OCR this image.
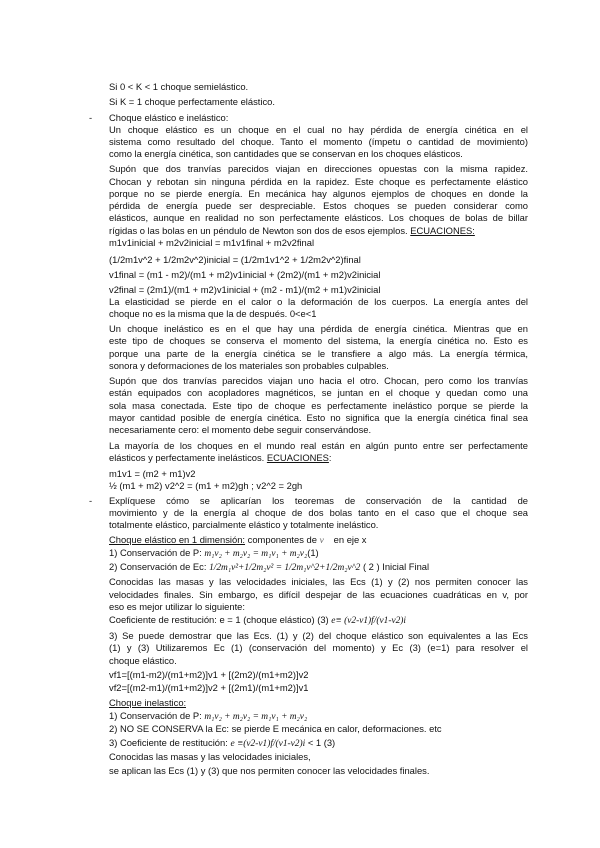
Si 0 < K < 1 choque semielástico.
Si K = 1 choque perfectamente elástico.
- Choque elástico e inelástico:
Un choque elástico es un choque en el cual no hay pérdida de energía cinética en el
sistema como resultado del choque. Tanto el momento (ímpetu o cantidad de movimiento)
como la energía cinética, son cantidades que se conservan en los choques elásticos.
Supón que dos tranvías parecidos viajan en direcciones opuestas con la misma rapidez.
Chocan y rebotan sin ninguna pérdida en la rapidez. Este choque es perfectamente elástico
porque no se pierde energía. En mecánica hay algunos ejemplos de choques en donde la
pérdida de energía puede ser despreciable. Estos choques se pueden considerar como
elásticos, aunque en realidad no son perfectamente elásticos. Los choques de bolas de billar
rígidas o las bolas en un péndulo de Newton son dos de esos ejemplos. ECUACIONES:
m1v1inicial + m2v2inicial = m1v1final + m2v2final
(1/2m1v^2 + 1/2m2v^2)inicial = (1/2m1v1^2 + 1/2m2v^2)final
v1final = (m1 - m2)/(m1 + m2)v1inicial + (2m2)/(m1 + m2)v2inicial
v2final = (2m1)/(m1 + m2)v1inicial + (m2 - m1)/(m2 + m1)v2inicial
La elasticidad se pierde en el calor o la deformación de los cuerpos. La energía antes del
choque no es la misma que la de después. 0<e<1
Un choque inelástico es en el que hay una pérdida de energía cinética. Mientras que en
este tipo de choques se conserva el momento del sistema, la energía cinética no. Esto es
porque una parte de la energía cinética se le transfiere a algo más. La energía térmica,
sonora y deformaciones de los materiales son probables culpables.
Supón que dos tranvías parecidos viajan uno hacia el otro. Chocan, pero como los tranvías
están equipados con acopladores magnéticos, se juntan en el choque y quedan como una
sola masa conectada. Este tipo de choque es perfectamente inelástico porque se pierde la
mayor cantidad posible de energía cinética. Esto no significa que la energía cinética final sea
necesariamente cero: el momento debe seguir conservándose.
La mayoría de los choques en el mundo real están en algún punto entre ser perfectamente
elásticos y perfectamente inelásticos. ECUACIONES:
m1v1 = (m2 + m1)v2
½ (m1 + m2) v2^2 = (m1 + m2)gh ; v2^2 = 2gh
- Explíquese cómo se aplicarían los teoremas de conservación de la cantidad de
movimiento y de la energía al choque de dos bolas tanto en el caso que el choque sea
totalmente elástico, parcialmente elástico y totalmente inelástico.
Choque elástico en 1 dimensión: componentes de v⃗ en eje x
1) Conservación de P: m₁v₂ + m₂v₂ = m₁v₁ + m₂v₂(1)
2) Conservación de Ec: 1/2m₁v²+1/2m₂v² = 1/2m₁v^2+1/2m₂v^2 ( 2 ) Inicial Final
Conocidas las masas y las velocidades iniciales, las Ecs (1) y (2) nos permiten conocer las
velocidades finales. Sin embargo, es difícil despejar de las ecuaciones cuadráticas en v, por
eso es mejor utilizar lo siguiente:
Coeficiente de restitución: e = 1 (choque elástico) (3) e≡ (v2-v1)f/(v1-v2)i
3) Se puede demostrar que las Ecs. (1) y (2) del choque elástico son equivalentes a las Ecs
(1) y (3) Utilizaremos Ec (1) (conservación del momento) y Ec (3) (e=1) para resolver el
choque elástico.
vf1=[(m1-m2)/(m1+m2)]v1 + [(2m2)/(m1+m2)]v2
vf2=[(m2-m1)/(m1+m2)]v2 + [(2m1)/(m1+m2)]v1
Choque inelastico:
1) Conservación de P: m₁v₂ + m₂v₂ = m₁v₁ + m₂v₂
2) NO SE CONSERVA la Ec: se pierde E mecánica en calor, deformaciones. etc
3) Coeficiente de restitución: e ≡(v2-v1)f/(v1-v2)i < 1 (3)
Conocidas las masas y las velocidades iniciales,
se aplican las Ecs (1) y (3) que nos permiten conocer las velocidades finales.
